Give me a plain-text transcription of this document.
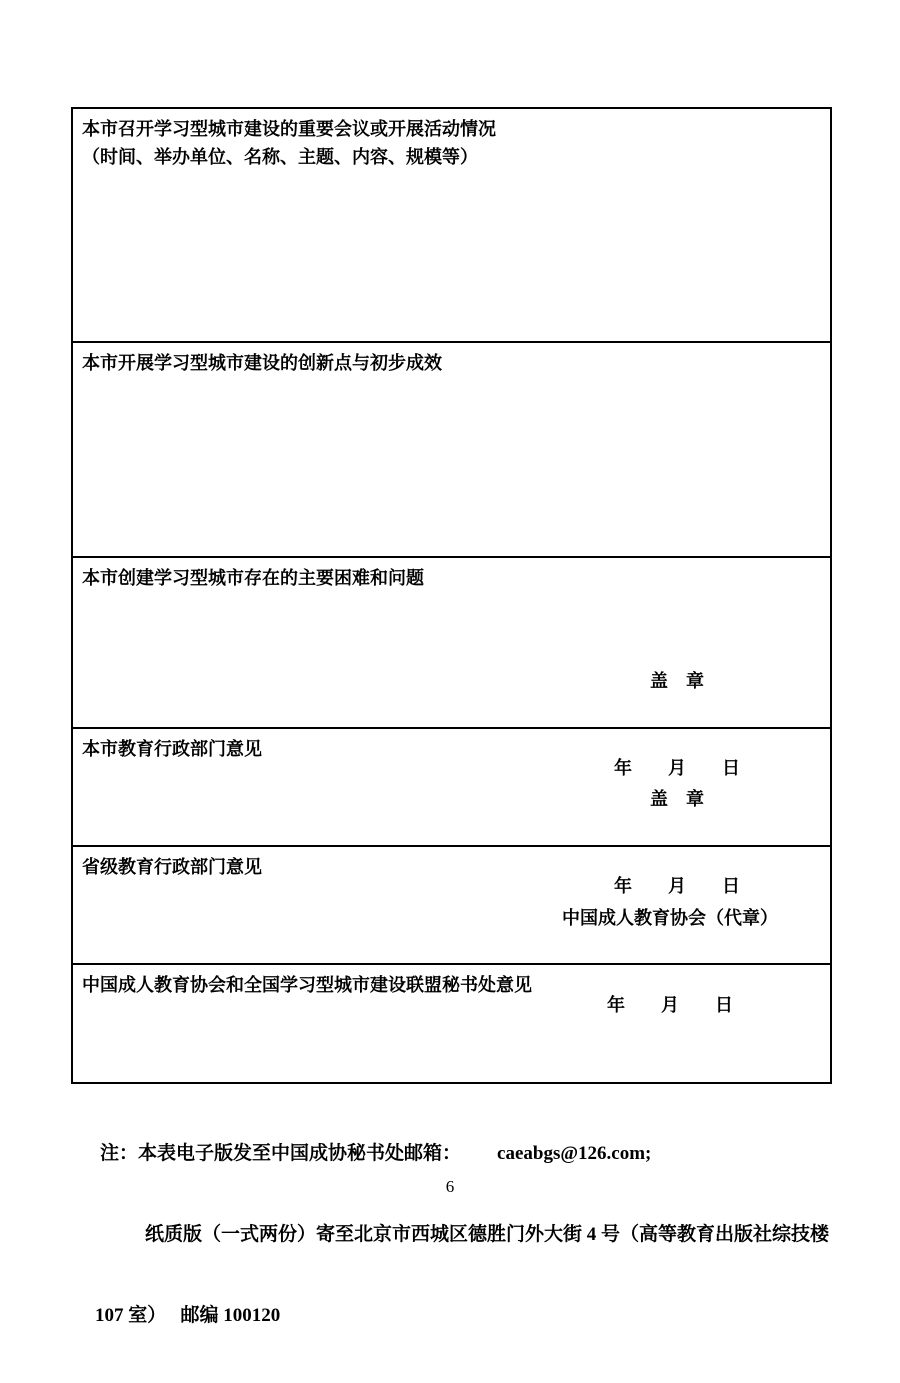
本市召开学习型城市建设的重要会议或开展活动情况
（时间、举办单位、名称、主题、内容、规模等）
本市开展学习型城市建设的创新点与初步成效
本市创建学习型城市存在的主要困难和问题
本市教育行政部门意见

盖　章

年　　月　　日

省级教育行政部门意见

盖　章

年　　月　　日

中国成人教育协会和全国学习型城市建设联盟秘书处意见

中国成人教育协会（代章）

年　　月　　日

注：本表电子版发至中国成协秘书处邮箱： caeabgs@126.com;

纸质版（一式两份）寄至北京市西城区德胜门外大街 4 号（高等教育出版社综技楼

107 室）　 邮编 100120

6
